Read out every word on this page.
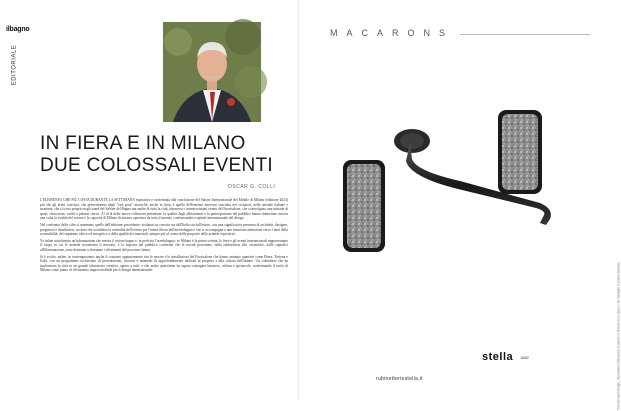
ilbagno
EDITORIALE
IN FIERA E IN MILANO
DUE COLOSSALI EVENTI
OSCAR G. COLLI

L'ELEMENTO CHE PIÙ COSTA DURANTE LA SETTIMANA espositiva e confermata alla conclusione del Salone Internazionale del Mobile di Milano (edizione 2023) più che gli affari conclusi, che prenoteranno degli "exit poor" ancorché, anche in fiera, è quello dell'enorme interesse suscitato nei visitatori, nelle aziende italiane e straniere, che si trova proprio negli stand del Salone del Bagno ma anche di tutta la città, attraverso i numerosissimi eventi del Fuorisalone, che coinvolgono una miriade di spazi, showroom, cortili e palazzi storici. Al di là delle nuove collezioni presentate, la qualità degli allestimenti e la partecipazione del pubblico hanno dimostrato ancora una volta la vitalità del settore e la capacità di Milano di attrarre operatori da tutto il mondo, confermandosi capitale internazionale del design.

Nel confronto delle cifre si sommano quelle dell'edizione precedente: visitatori in crescita sia dall'Italia sia dall'estero, con una significativa presenza di architetti, designer, progettisti e distributori; un dato che sottolinea la centralità dell'evento per l'intera filiera dell'arredobagno e che si accompagna a una rinnovata attenzione verso i temi della sostenibilità, del risparmio idrico ed energetico e della qualità dei materiali, sempre più al centro delle proposte delle aziende espositrici.

Va infine sottolineato un'informazione che merita il settore bagno e, in perfetto, l'arredobagno: se Milano è la prima vetrina, le fiere e gli eventi internazionali rappresentano il luogo in cui le aziende incontrano il mercato, e la risposta del pubblico conferma che le novità presentate, dalla rubinetteria alle ceramiche, dalle superfici all'illuminazione, sono destinate a diventare i riferimenti del prossimo futuro.

Si è svolto, infine, in contemporanea, anche il consueto appuntamento con le mostre e le installazioni del Fuorisalone che hanno animato quartieri come Brera, Tortona e Isola, con un programma ricchissimo di presentazioni, incontri e momenti di approfondimento dedicati al progetto e alla cultura dell'abitare. Un calendario che ha trasformato la città in un grande laboratorio creativo, aperto a tutti, e che anche quest'anno ha saputo coniugare business, cultura e spettacolo, confermando il ruolo di Milano come punto di riferimento imprescindibile per il design internazionale.

MACARONS
stella 1882
rubinetteriestella.it	Tom Varcanti design, miscelatore Macarons a parete in finitura nero opaco con maniglie in pietra naturale.
